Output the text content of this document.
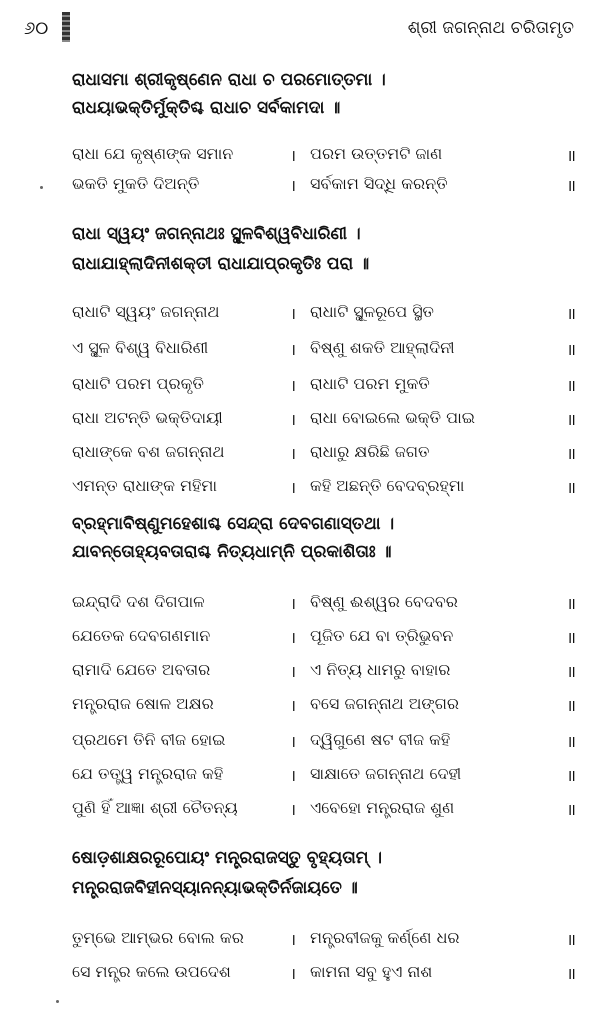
୬୦	ଶ୍ରୀ ଜଗନ୍ନାଥ ଚରିତାମୃତ
ରାଧାସମା ଶ୍ରୀକୃଷ୍ଣେନ ରାଧା ଚ ପରମୋତ୍ତମା ।
ରାଧୟାଭକ୍ତିର୍ମୁକ୍ତିଶ୍ଚ ରାଧାଚ ସର୍ବକାମଦା ॥
ରାଧା ଯେ କୃଷ୍ଣଙ୍କ ସମାନ	। ପରମ ଉତ୍ତମଟି ଜାଣ	॥
ଭକତି ମୁକତି ଦିଅନ୍ତି	। ସର୍ବକାମ ସିଦ୍ଧି କରନ୍ତି	॥
ରାଧା ସ୍ୱୟଂ ଜଗନ୍ନାଥଃ ସ୍ଥୂଳବିଶ୍ୱବିଧାରିଣୀ ।
ରାଧାଯାହ୍ଲାଦିନୀଶକ୍ତୀ ରାଧାଯାପ୍ରକୃତିଃ ପରା ॥
ରାଧାଟି ସ୍ୱୟଂ ଜଗନ୍ନାଥ	। ରାଧାଟି ସ୍ଥୂଳରୂପେ ସ୍ଥିତ	॥
ଏ ସ୍ଥୂଳ ବିଶ୍ୱ ବିଧାରିଣୀ	। ବିଷ୍ଣୁ ଶକତି ଆହ୍ଲାଦିନୀ	॥
ରାଧାଟି ପରମ ପ୍ରକୃତି	। ରାଧାଟି ପରମ ମୁକତି	॥
ରାଧା ଅଟନ୍ତି ଭକ୍ତିଦାୟୀ	। ରାଧା ବୋଇଲେ ଭକ୍ତି ପାଇ	॥
ରାଧାଙ୍କେ ବଶ ଜଗନ୍ନାଥ	। ରାଧାରୁ କ୍ଷରିଛି ଜଗତ	॥
ଏମନ୍ତ ରାଧାଙ୍କ ମହିମା	। କହି ଅଛନ୍ତି ବେଦବ୍ରହ୍ମା	॥
ବ୍ରହ୍ମାବିଷ୍ଣୁମହେଶାଶ୍ଚ ସେନ୍ଦ୍ରା ଦେବଗଣାସ୍ତଥା ।
ଯାବନ୍ତୋହ୍ୟବତାରାଶ୍ଚ ନିତ୍ୟଧାମ୍ନି ପ୍ରକାଶିତାଃ ॥
ଇନ୍ଦ୍ରାଦି ଦଶ ଦିଗପାଳ	। ବିଷ୍ଣୁ ଈଶ୍ୱର ବେଦବର	॥
ଯେତେକ ଦେବଗଣମାନ	। ପୂଜିତ ଯେ ବା ତ୍ରିଭୁବନ	॥
ରାମାଦି ଯେତେ ଅବତାର	। ଏ ନିତ୍ୟ ଧାମରୁ ବାହାର	॥
ମନ୍ତ୍ରରାଜ ଷୋଳ ଅକ୍ଷର	। ବସେ ଜଗନ୍ନାଥ ଅଙ୍ଗର	॥
ପ୍ରଥମେ ତିନି ବୀଜ ହୋଇ	। ଦ୍ୱିଗୁଣେ ଷଟ ବୀଜ କହି	॥
ଯେ ତତ୍ତ୍ୱ ମନ୍ତ୍ରରାଜ କହି	। ସାକ୍ଷାତେ ଜଗନ୍ନାଥ ଦେହୀ	॥
ପୁଣି ହିଁ ଆଜ୍ଞା ଶ୍ରୀ ଚୈତନ୍ୟ	। ଏବେହୋ ମନ୍ତ୍ରରାଜ ଶୁଣ	॥
ଷୋଡ଼ଶାକ୍ଷରରୂପୋୟଂ ମନ୍ତ୍ରରାଜସ୍ତୁ ବୃହ୍ୟତାମ୍ ।
ମନ୍ତ୍ରରାଜବିହୀନସ୍ୟାନନ୍ୟାଭକ୍ତିର୍ନଜାୟତେ ॥
ତୁମ୍ଭେ ଆମ୍ଭର ବୋଲ କର	। ମନ୍ତ୍ରବୀଜକୁ କର୍ଣ୍ଣେ ଧର	॥
ସେ ମନ୍ତ୍ର କଲେ ଉପଦେଶ	। କାମନା ସବୁ ହୁଏ ନାଶ	॥
